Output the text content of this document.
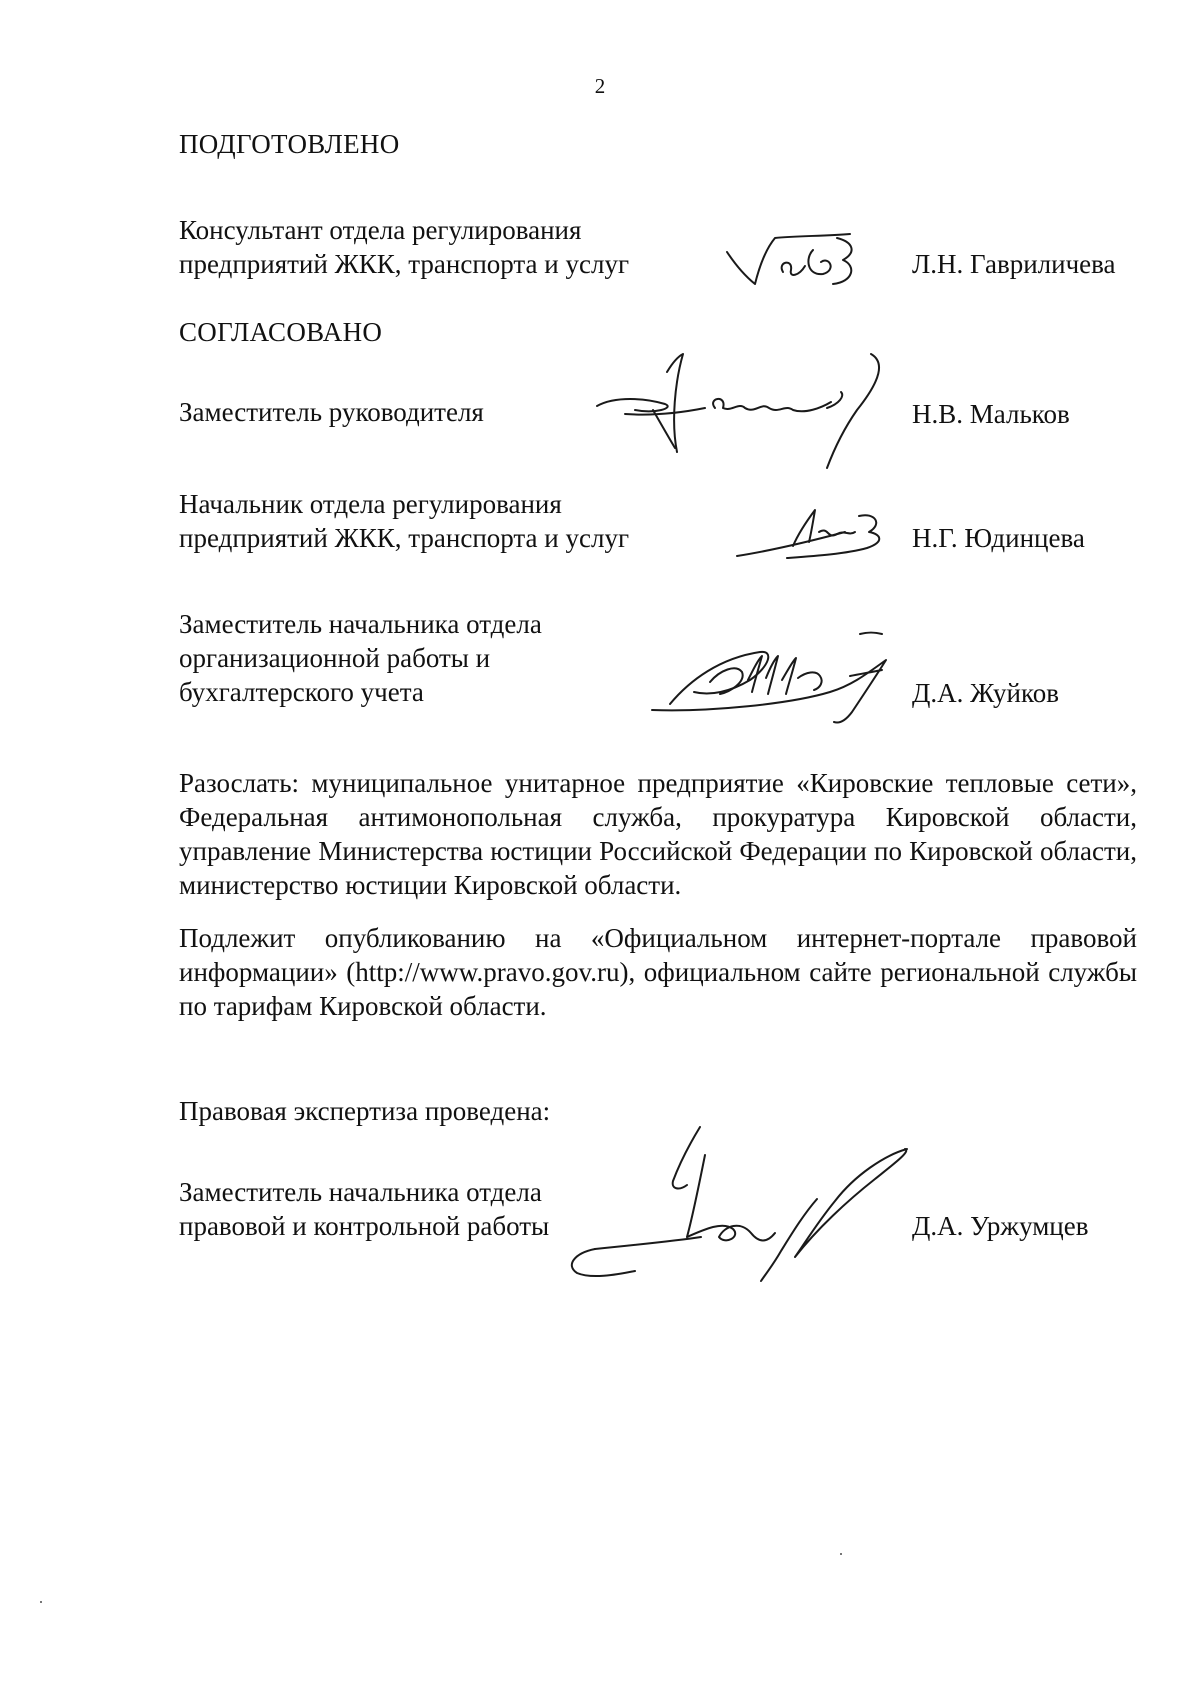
2
ПОДГОТОВЛЕНО
Консультант отдела регулирования
предприятий ЖКК, транспорта и услуг	Л.Н. Гавриличева
СОГЛАСОВАНО
Заместитель руководителя	Н.В. Мальков
Начальник отдела регулирования
предприятий ЖКК, транспорта и услуг	Н.Г. Юдинцева
Заместитель начальника отдела
организационной работы и
бухгалтерского учета	Д.А. Жуйков
Разослать: муниципальное унитарное предприятие «Кировские тепловые сети», Федеральная антимонопольная служба, прокуратура Кировской области, управление Министерства юстиции Российской Федерации по Кировской области, министерство юстиции Кировской области.
Подлежит опубликованию на «Официальном интернет-портале правовой информации» (http://www.pravo.gov.ru), официальном сайте региональной службы по тарифам Кировской области.
Правовая экспертиза проведена:
Заместитель начальника отдела
правовой и контрольной работы	Д.А. Уржумцев
